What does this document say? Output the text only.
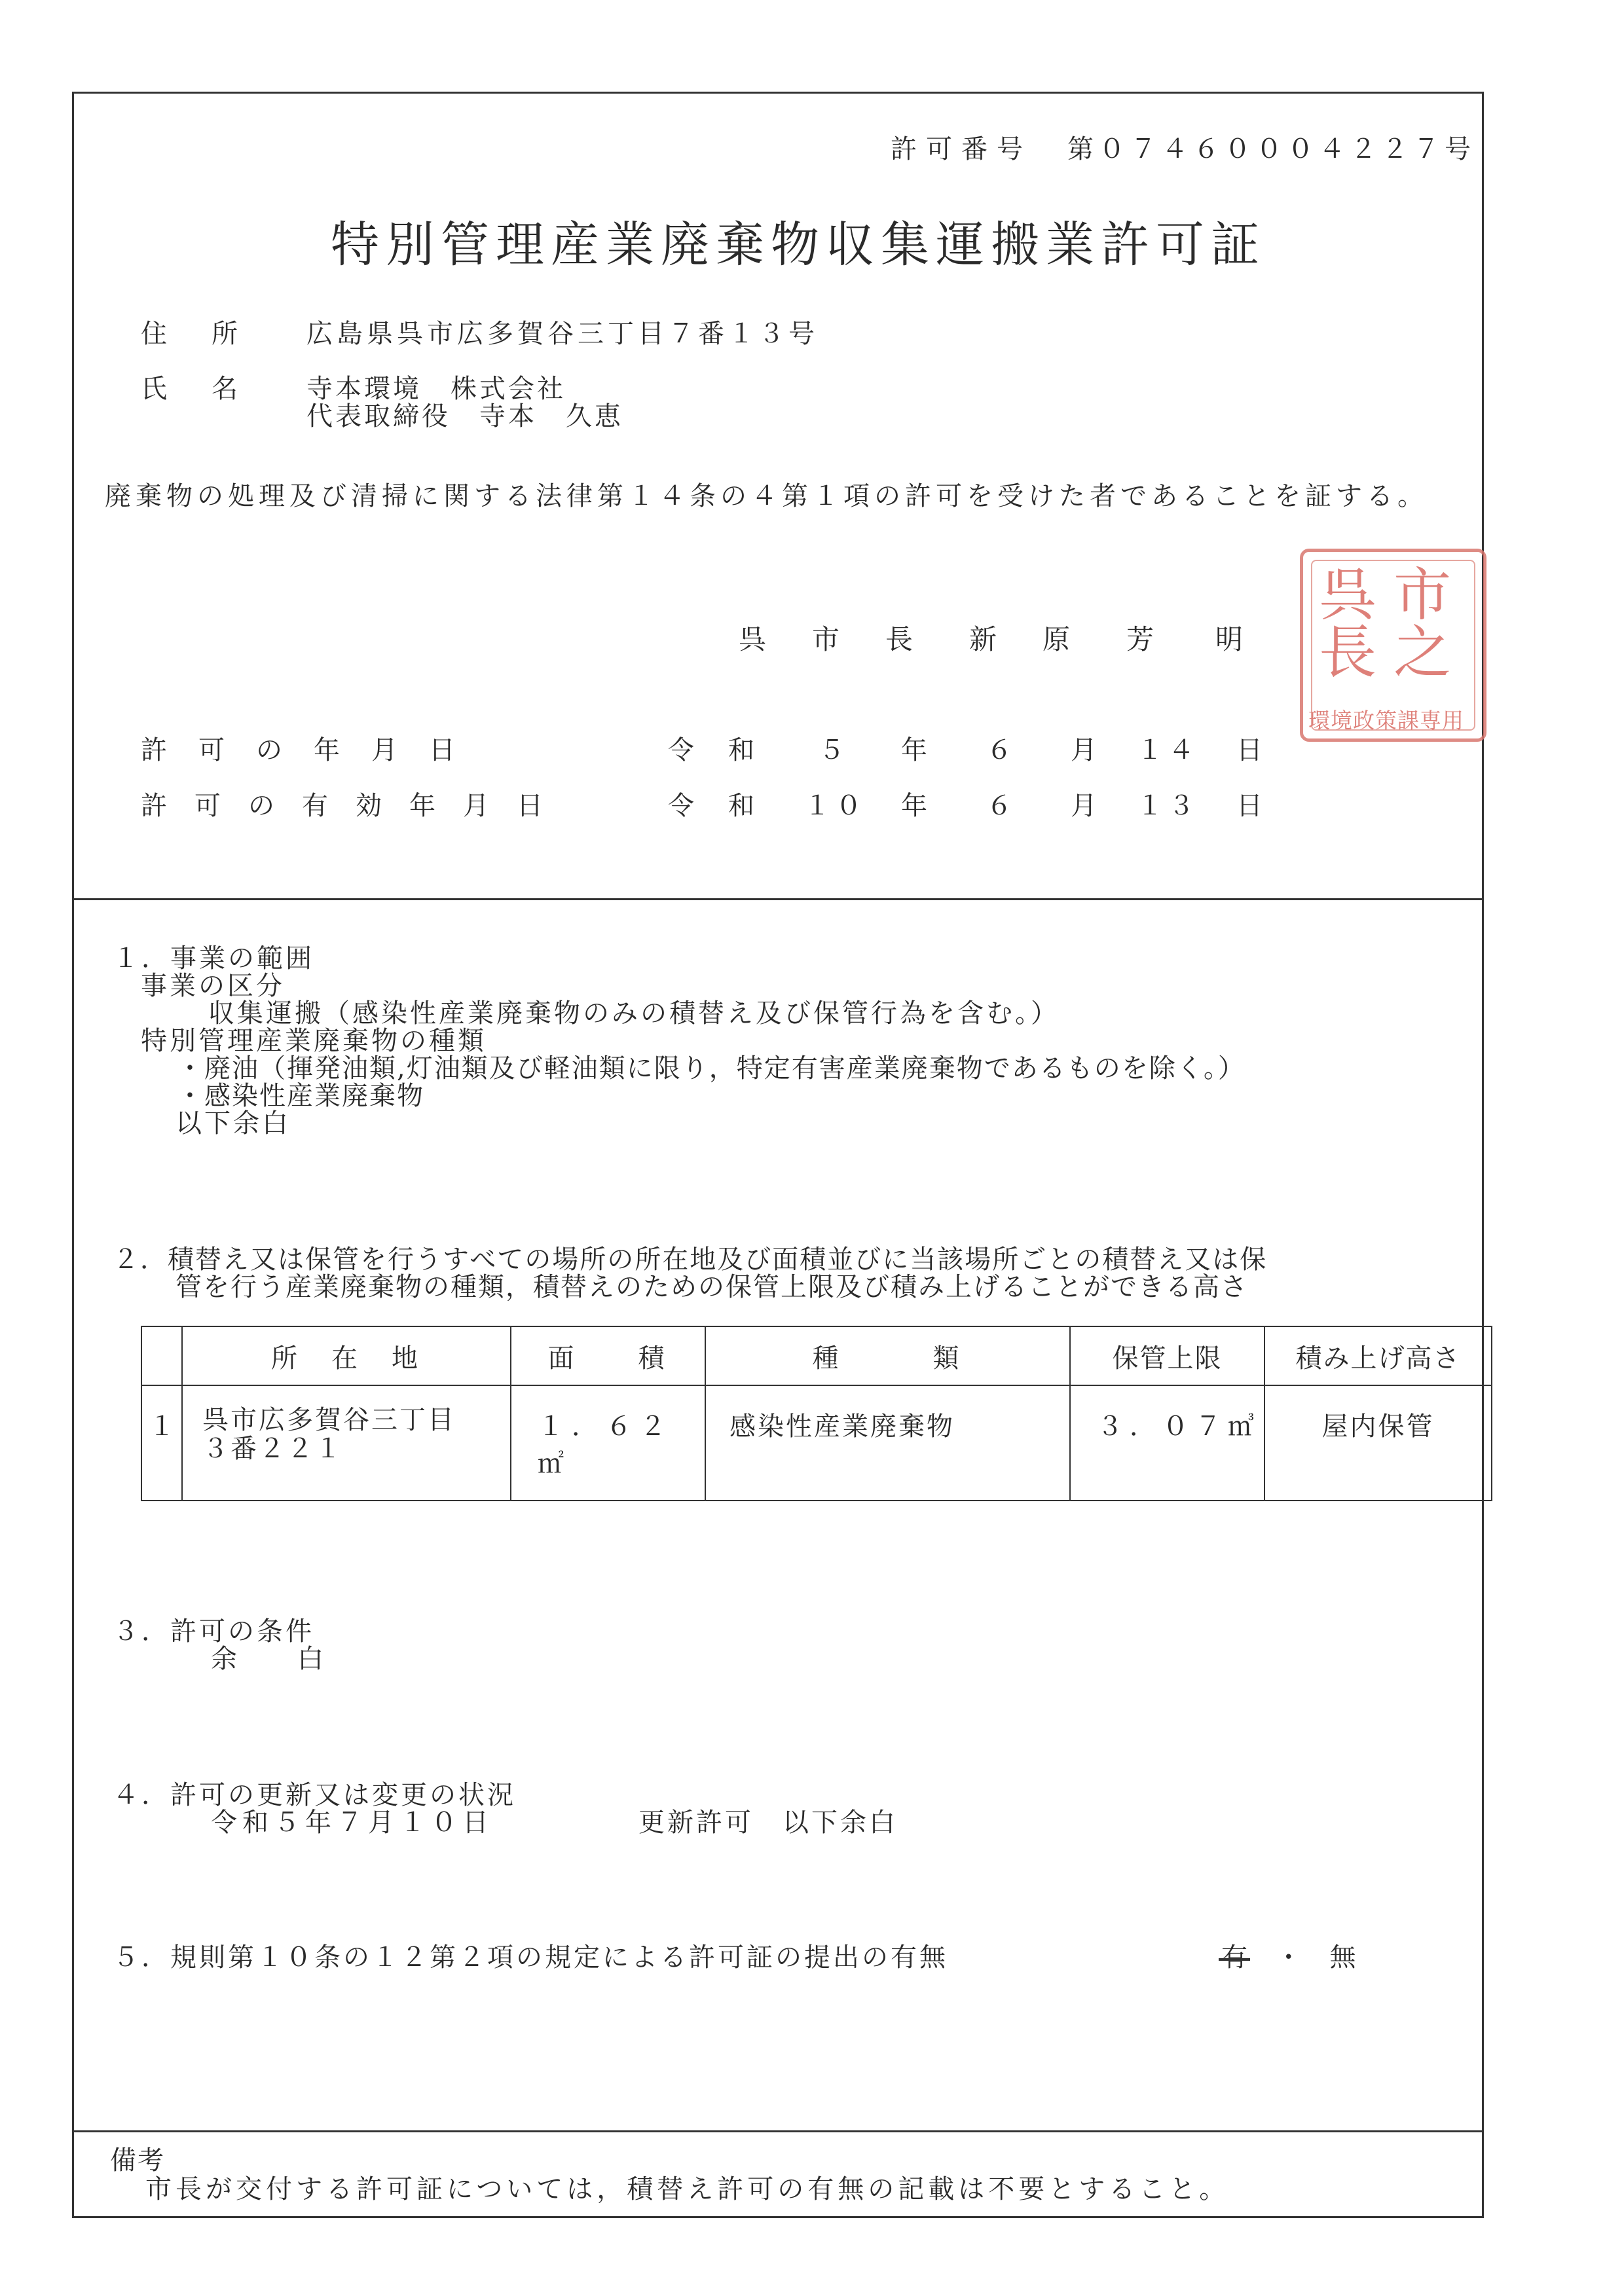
許可番号　 第０７４６０００４２２７号
特別管理産業廃棄物収集運搬業許可証
住　所 広島県呉市広多賀谷三丁目７番１３号
氏　名 寺本環境　株式会社
代表取締役　寺本　久恵
廃棄物の処理及び清掃に関する法律第１４条の４第１項の許可を受けた者であることを証する。
呉　市　長 新　原 芳　明
市
之
呉
長
環境政策課専用
許　可　の　年　月　日	令　和 ５ 年 ６ 月 １４ 日
許　可　の　有　効　年　月　日	令　和 １０ 年 ６ 月 １３ 日
１．事業の範囲
事業の区分
収集運搬（感染性産業廃棄物のみの積替え及び保管行為を含む。）
特別管理産業廃棄物の種類
・廃油（揮発油類,灯油類及び軽油類に限り，特定有害産業廃棄物であるものを除く。）
・感染性産業廃棄物
以下余白
２．積替え又は保管を行うすべての場所の所在地及び面積並びに当該場所ごとの積替え又は保
管を行う産業廃棄物の種類，積替えのための保管上限及び積み上げることができる高さ
	所　在　地	面　　積	種　　　類	保管上限	積み上げ高さ
１	呉市広多賀谷三丁目
３番２２１	１．６２㎡	感染性産業廃棄物	３．０７㎥	屋内保管
３．許可の条件
余　　白
４．許可の更新又は変更の状況
令和５年７月１０日	更新許可　以下余白
５．規則第１０条の１２第２項の規定による許可証の提出の有無	有 ・ 無
備考
市長が交付する許可証については，積替え許可の有無の記載は不要とすること。
